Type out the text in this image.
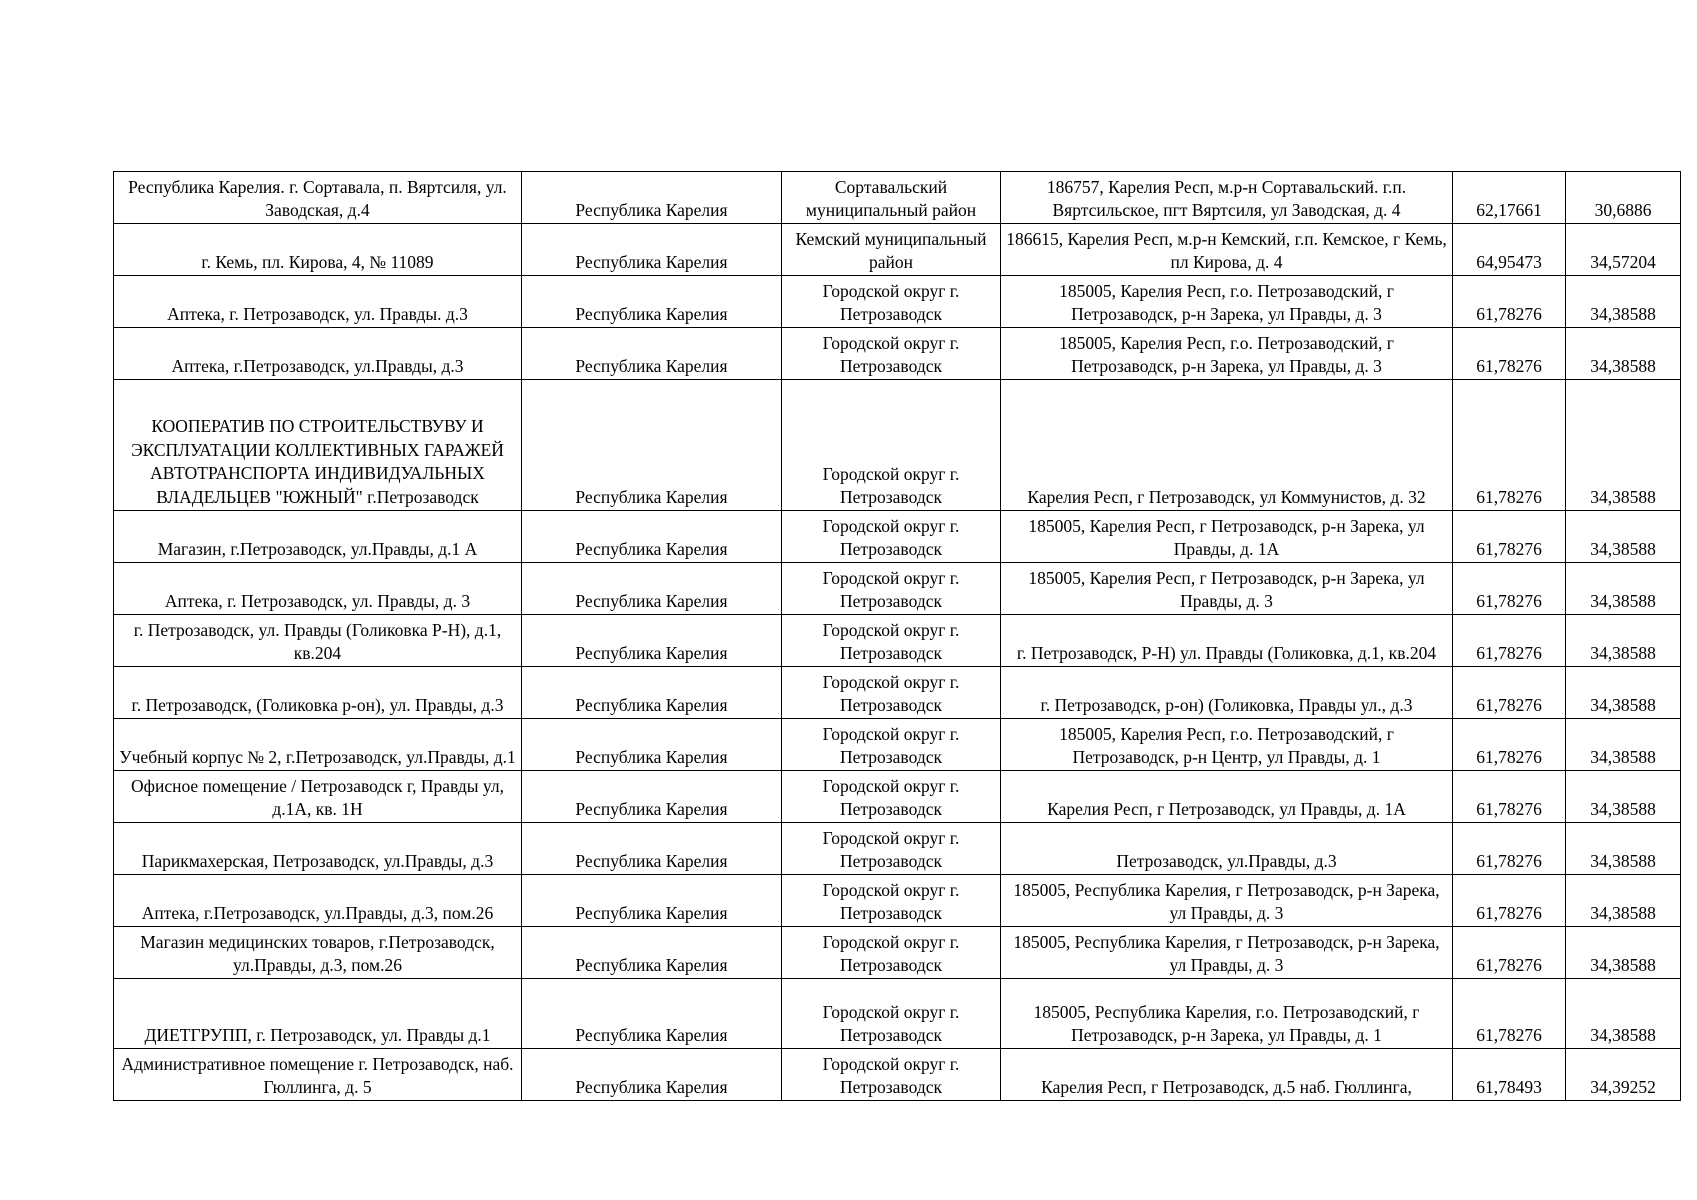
Республика Карелия. г. Сортавала, п. Вяртсиля, ул. Заводская, д.4	Республика Карелия	Сортавальский муниципальный район	186757, Карелия Респ, м.р-н Сортавальский. г.п. Вяртсильское, пгт Вяртсиля, ул Заводская, д. 4	62,17661	30,6886
г. Кемь, пл. Кирова, 4, № 11089	Республика Карелия	Кемский муниципальный район	186615, Карелия Респ, м.р-н Кемский, г.п. Кемское, г Кемь, пл Кирова, д. 4	64,95473	34,57204
Аптека, г. Петрозаводск, ул. Правды. д.3	Республика Карелия	Городской округ г. Петрозаводск	185005, Карелия Респ, г.о. Петрозаводский, г Петрозаводск, р-н Зарека, ул Правды, д. 3	61,78276	34,38588
Аптека, г.Петрозаводск, ул.Правды, д.3	Республика Карелия	Городской округ г. Петрозаводск	185005, Карелия Респ, г.о. Петрозаводский, г Петрозаводск, р-н Зарека, ул Правды, д. 3	61,78276	34,38588
КООПЕРАТИВ ПО СТРОИТЕЛЬСТВУВУ И ЭКСПЛУАТАЦИИ КОЛЛЕКТИВНЫХ ГАРАЖЕЙ АВТОТРАНСПОРТА ИНДИВИДУАЛЬНЫХ ВЛАДЕЛЬЦЕВ "ЮЖНЫЙ" г.Петрозаводск	Республика Карелия	Городской округ г. Петрозаводск	Карелия Респ, г Петрозаводск, ул Коммунистов, д. 32	61,78276	34,38588
Магазин, г.Петрозаводск, ул.Правды, д.1 А	Республика Карелия	Городской округ г. Петрозаводск	185005, Карелия Респ, г Петрозаводск, р-н Зарека, ул Правды, д. 1А	61,78276	34,38588
Аптека, г. Петрозаводск, ул. Правды, д. 3	Республика Карелия	Городской округ г. Петрозаводск	185005, Карелия Респ, г Петрозаводск, р-н Зарека, ул Правды, д. 3	61,78276	34,38588
г. Петрозаводск, ул. Правды (Голиковка Р-Н), д.1, кв.204	Республика Карелия	Городской округ г. Петрозаводск	г. Петрозаводск, Р-Н) ул. Правды (Голиковка, д.1, кв.204	61,78276	34,38588
г. Петрозаводск, (Голиковка р-он), ул. Правды, д.3	Республика Карелия	Городской округ г. Петрозаводск	г. Петрозаводск, р-он) (Голиковка, Правды ул., д.3	61,78276	34,38588
Учебный корпус № 2, г.Петрозаводск, ул.Правды, д.1	Республика Карелия	Городской округ г. Петрозаводск	185005, Карелия Респ, г.о. Петрозаводский, г Петрозаводск, р-н Центр, ул Правды, д. 1	61,78276	34,38588
Офисное помещение / Петрозаводск г, Правды ул, д.1А, кв. 1Н	Республика Карелия	Городской округ г. Петрозаводск	Карелия Респ, г Петрозаводск, ул Правды, д. 1А	61,78276	34,38588
Парикмахерская, Петрозаводск, ул.Правды, д.3	Республика Карелия	Городской округ г. Петрозаводск	Петрозаводск, ул.Правды, д.3	61,78276	34,38588
Аптека, г.Петрозаводск, ул.Правды, д.3, пом.26	Республика Карелия	Городской округ г. Петрозаводск	185005, Республика Карелия, г Петрозаводск, р-н Зарека, ул Правды, д. 3	61,78276	34,38588
Магазин медицинских товаров, г.Петрозаводск, ул.Правды, д.3, пом.26	Республика Карелия	Городской округ г. Петрозаводск	185005, Республика Карелия, г Петрозаводск, р-н Зарека, ул Правды, д. 3	61,78276	34,38588
ДИЕТГРУПП, г. Петрозаводск, ул. Правды д.1	Республика Карелия	Городской округ г. Петрозаводск	185005, Республика Карелия, г.о. Петрозаводский, г Петрозаводск, р-н Зарека, ул Правды, д. 1	61,78276	34,38588
Административное помещение г. Петрозаводск, наб. Гюллинга, д. 5	Республика Карелия	Городской округ г. Петрозаводск	Карелия Респ, г Петрозаводск, д.5 наб. Гюллинга,	61,78493	34,39252
